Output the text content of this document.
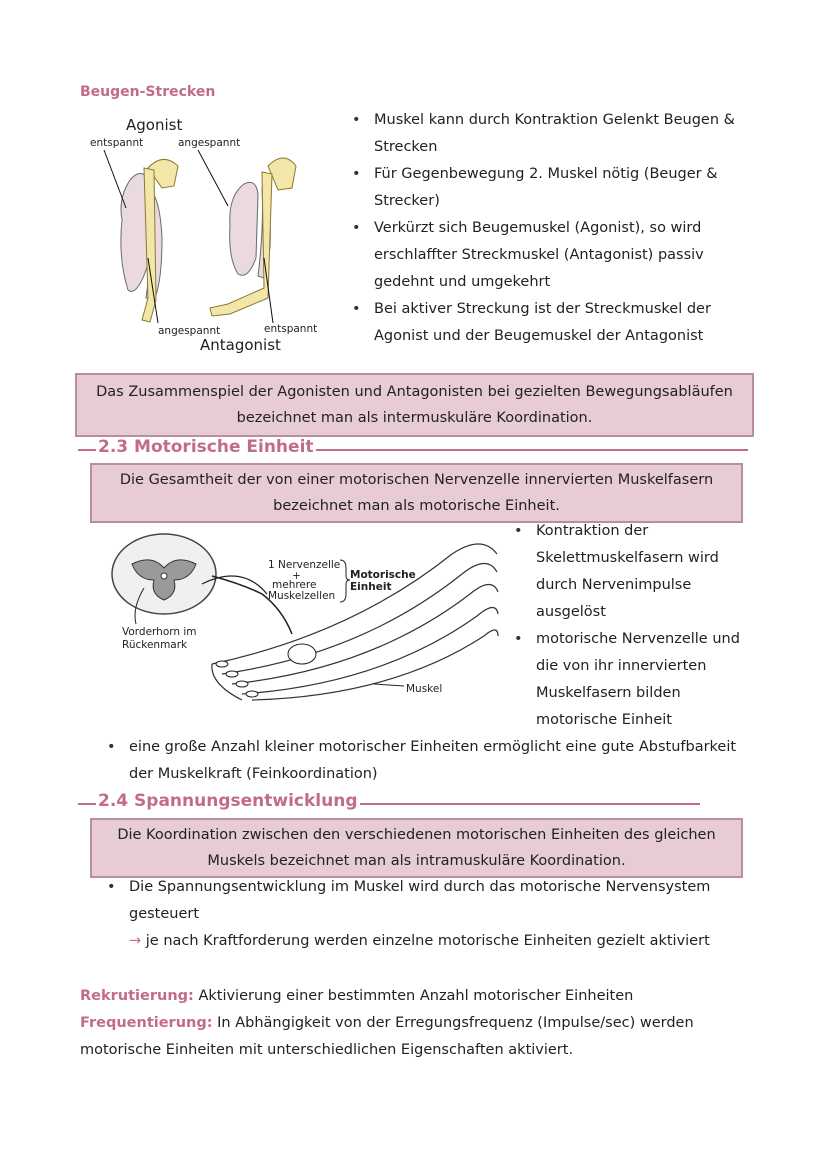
Beugen-Strecken
Agonist
entspannt	angespannt
angespannt	entspannt
Antagonist
• Muskel kann durch Kontraktion Gelenkt Beugen & Strecken
• Für Gegenbewegung 2. Muskel nötig (Beuger & Strecker)
• Verkürzt sich Beugemuskel (Agonist), so wird erschlaffter Streckmuskel (Antagonist) passiv gedehnt und umgekehrt
• Bei aktiver Streckung ist der Streckmuskel der Agonist und der Beugemuskel der Antagonist
Das Zusammenspiel der Agonisten und Antagonisten bei gezielten Bewegungsabläufen bezeichnet man als intermuskuläre Koordination.
2.3 Motorische Einheit
Die Gesamtheit der von einer motorischen Nervenzelle innervierten Muskelfasern bezeichnet man als motorische Einheit.
Vorderhorn im
Rückenmark
1 Nervenzelle
+
mehrere
Muskelzellen
Motorische
Einheit
Muskel
• Kontraktion der Skelettmuskelfasern wird durch Nervenimpulse ausgelöst
• motorische Nervenzelle und die von ihr innervierten Muskelfasern bilden motorische Einheit
• eine große Anzahl kleiner motorischer Einheiten ermöglicht eine gute Abstufbarkeit der Muskelkraft (Feinkoordination)
2.4 Spannungsentwicklung
Die Koordination zwischen den verschiedenen motorischen Einheiten des gleichen Muskels bezeichnet man als intramuskuläre Koordination.
• Die Spannungsentwicklung im Muskel wird durch das motorische Nervensystem gesteuert
→ je nach Kraftforderung werden einzelne motorische Einheiten gezielt aktiviert
Rekrutierung: Aktivierung einer bestimmten Anzahl motorischer Einheiten
Frequentierung: In Abhängigkeit von der Erregungsfrequenz (Impulse/sec) werden motorische Einheiten mit unterschiedlichen Eigenschaften aktiviert.
